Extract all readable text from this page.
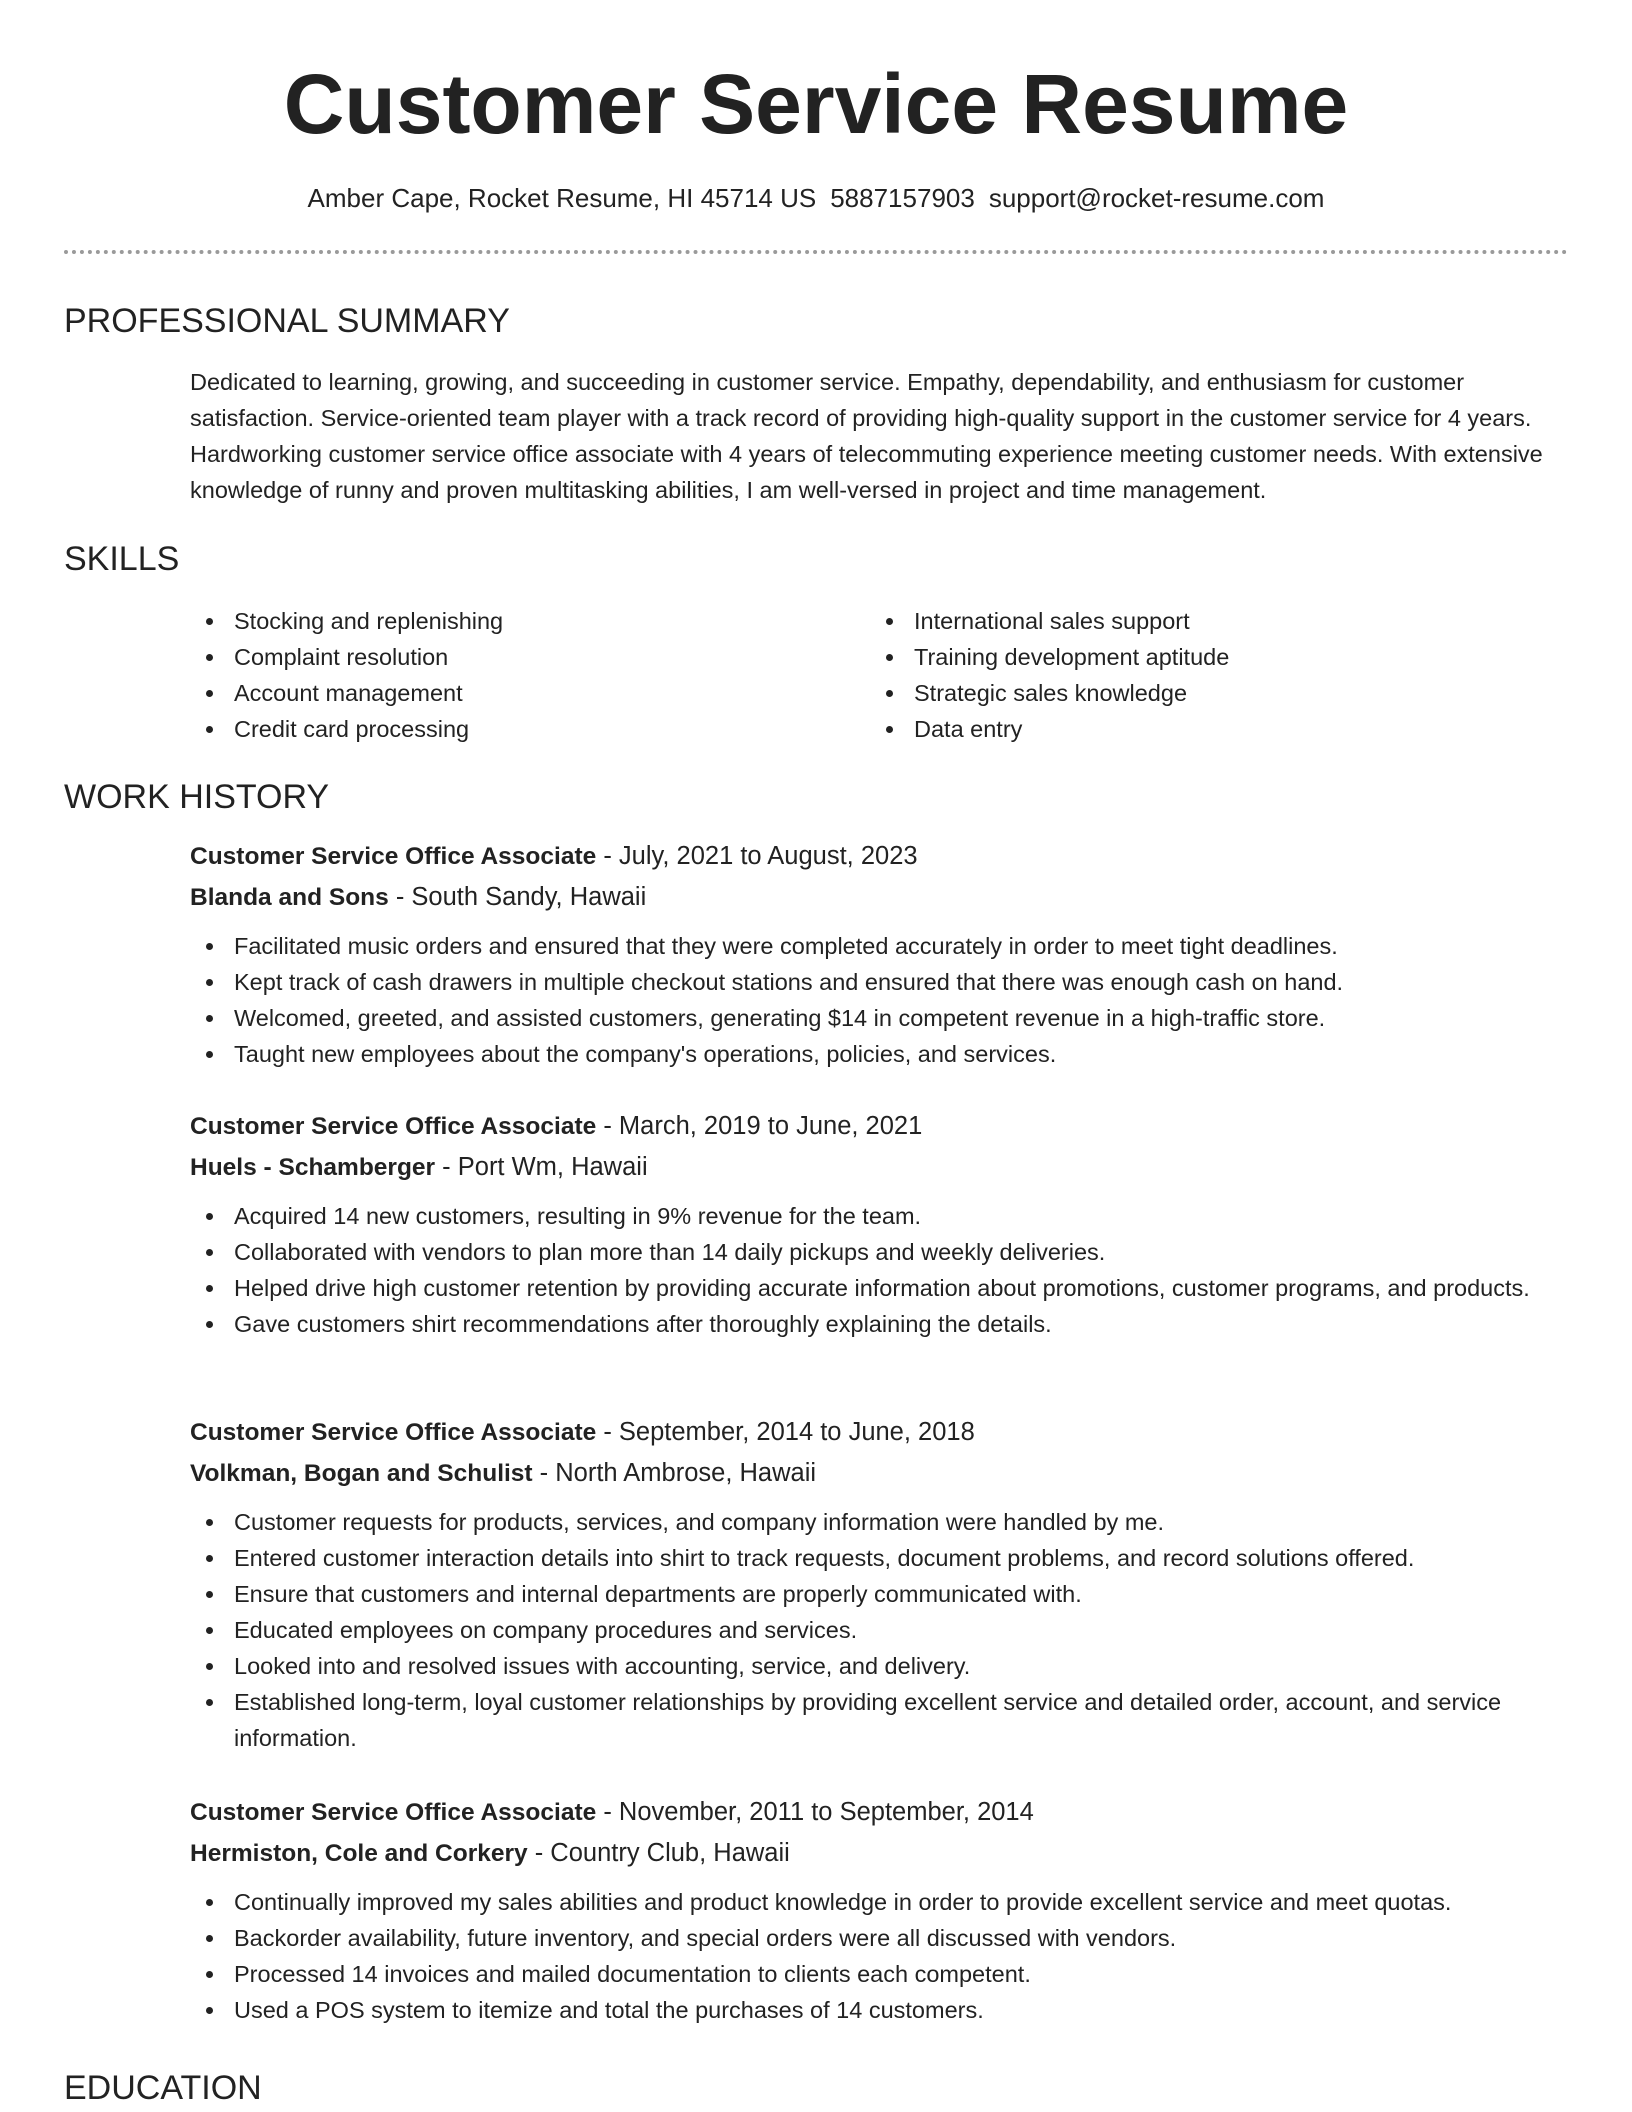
Customer Service Resume
Amber Cape, Rocket Resume, HI 45714 US 5887157903 support@rocket-resume.com
PROFESSIONAL SUMMARY

Dedicated to learning, growing, and succeeding in customer service. Empathy, dependability, and enthusiasm for customer satisfaction. Service-oriented team player with a track record of providing high-quality support in the customer service for 4 years. Hardworking customer service office associate with 4 years of telecommuting experience meeting customer needs. With extensive knowledge of runny and proven multitasking abilities, I am well-versed in project and time management.

SKILLS
Stocking and replenishing
Complaint resolution
Account management
Credit card processing
International sales support
Training development aptitude
Strategic sales knowledge
Data entry
WORK HISTORY
Customer Service Office Associate - July, 2021 to August, 2023
Blanda and Sons - South Sandy, Hawaii
Facilitated music orders and ensured that they were completed accurately in order to meet tight deadlines.
Kept track of cash drawers in multiple checkout stations and ensured that there was enough cash on hand.
Welcomed, greeted, and assisted customers, generating $14 in competent revenue in a high-traffic store.
Taught new employees about the company's operations, policies, and services.
Customer Service Office Associate - March, 2019 to June, 2021
Huels - Schamberger - Port Wm, Hawaii
Acquired 14 new customers, resulting in 9% revenue for the team.
Collaborated with vendors to plan more than 14 daily pickups and weekly deliveries.
Helped drive high customer retention by providing accurate information about promotions, customer programs, and products.
Gave customers shirt recommendations after thoroughly explaining the details.
Customer Service Office Associate - September, 2014 to June, 2018
Volkman, Bogan and Schulist - North Ambrose, Hawaii
Customer requests for products, services, and company information were handled by me.
Entered customer interaction details into shirt to track requests, document problems, and record solutions offered.
Ensure that customers and internal departments are properly communicated with.
Educated employees on company procedures and services.
Looked into and resolved issues with accounting, service, and delivery.
Established long-term, loyal customer relationships by providing excellent service and detailed order, account, and service information.
Customer Service Office Associate - November, 2011 to September, 2014
Hermiston, Cole and Corkery - Country Club, Hawaii
Continually improved my sales abilities and product knowledge in order to provide excellent service and meet quotas.
Backorder availability, future inventory, and special orders were all discussed with vendors.
Processed 14 invoices and mailed documentation to clients each competent.
Used a POS system to itemize and total the purchases of 14 customers.
EDUCATION
